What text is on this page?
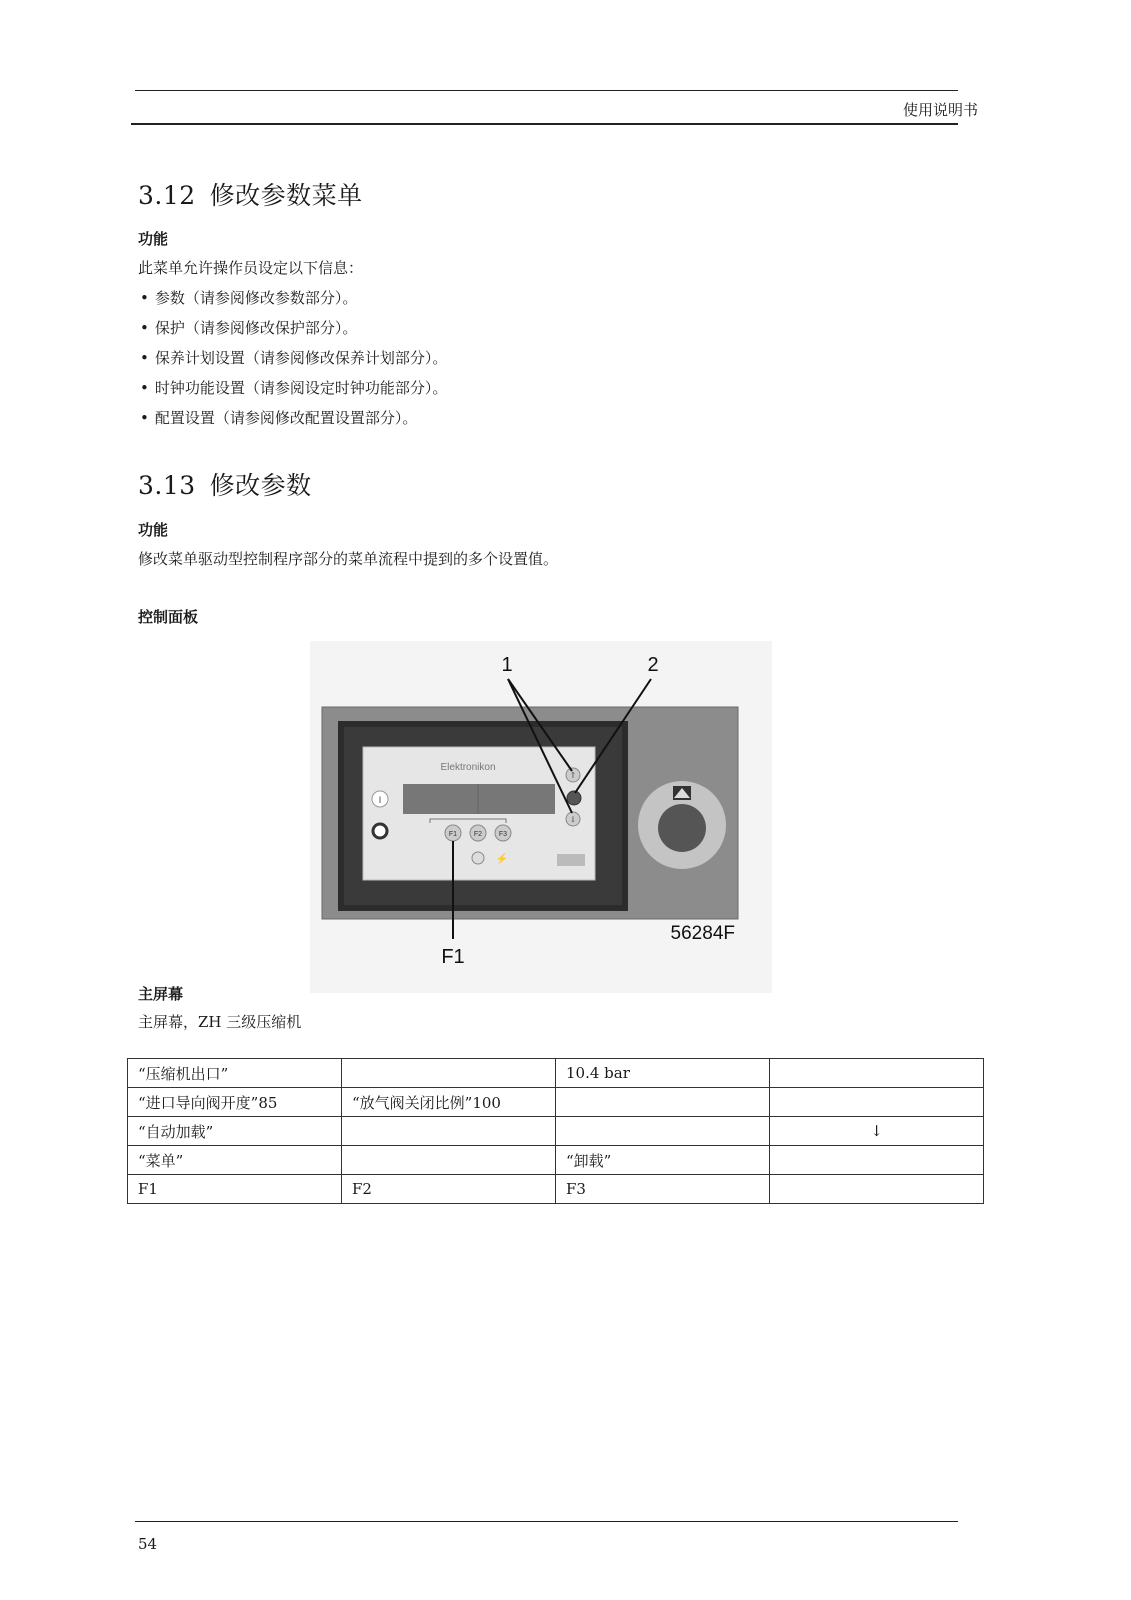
使用说明书
3.12 修改参数菜单
功能
此菜单允许操作员设定以下信息：
• 参数（请参阅修改参数部分）。
• 保护（请参阅修改保护部分）。
• 保养计划设置（请参阅修改保养计划部分）。
• 时钟功能设置（请参阅设定时钟功能部分）。
• 配置设置（请参阅修改配置设置部分）。
3.13 修改参数
功能
修改菜单驱动型控制程序部分的菜单流程中提到的多个设置值。
控制面板
Elektronikon
I
F1 F2 F3
⚡
↑
↓
1	2
F1
56284F
主屏幕
主屏幕，ZH 三级压缩机
“压缩机出口”		10.4 bar	
“进口导向阀开度”85	“放气阀关闭比例”100		
“自动加载”			↓
“菜单”		“卸载”	
F1	F2	F3	
54
